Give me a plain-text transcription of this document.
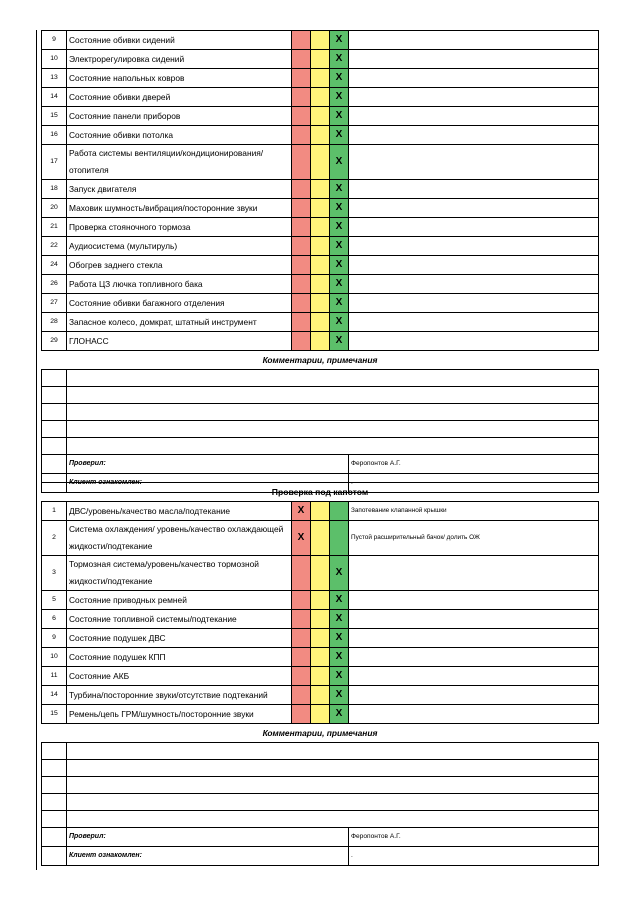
9	Состояние обивки сидений			X	
10	Электрорегулировка сидений			X	
13	Состояние напольных ковров			X	
14	Состояние обивки дверей			X	
15	Состояние панели приборов			X	
16	Состояние обивки потолка			X	
17	Работа системы вентиляции/кондиционирования/ отопителя			X	
18	Запуск двигателя			X	
20	Маховик шумность/вибрация/посторонние звуки			X	
21	Проверка стояночного тормоза			X	
22	Аудиосистема (мультируль)			X	
24	Обогрев заднего стекла			X	
26	Работа ЦЗ лючка топливного бака			X	
27	Состояние обивки багажного отделения			X	
28	Запасное колесо, домкрат, штатный инструмент			X	
29	ГЛОНАСС			X	
Комментарии, примечания					

	Проверил:				Феропонтов А.Г.
	Клиент ознакомлен:				.
Проверка под капотом					
1	ДВС/уровень/качество масла/подтекание	X			Запотевание клапанной крышки
2	Система охлаждения/ уровень/качество охлаждающей жидкости/подтекание	X			Пустой расширительный бачок/ долить ОЖ
3	Тормозная система/уровень/качество тормозной жидкости/подтекание			X	
5	Состояние приводных ремней			X	
6	Состояние топливной системы/подтекание			X	
9	Состояние подушек ДВС			X	
10	Состояние подушек КПП			X	
11	Состояние АКБ			X	
14	Турбина/посторонние звуки/отсутствие подтеканий			X	
15	Ремень/цепь ГРМ/шумность/посторонние звуки			X	
Комментарии, примечания					

	Проверил:				Феропонтов А.Г.
	Клиент ознакомлен:				.
